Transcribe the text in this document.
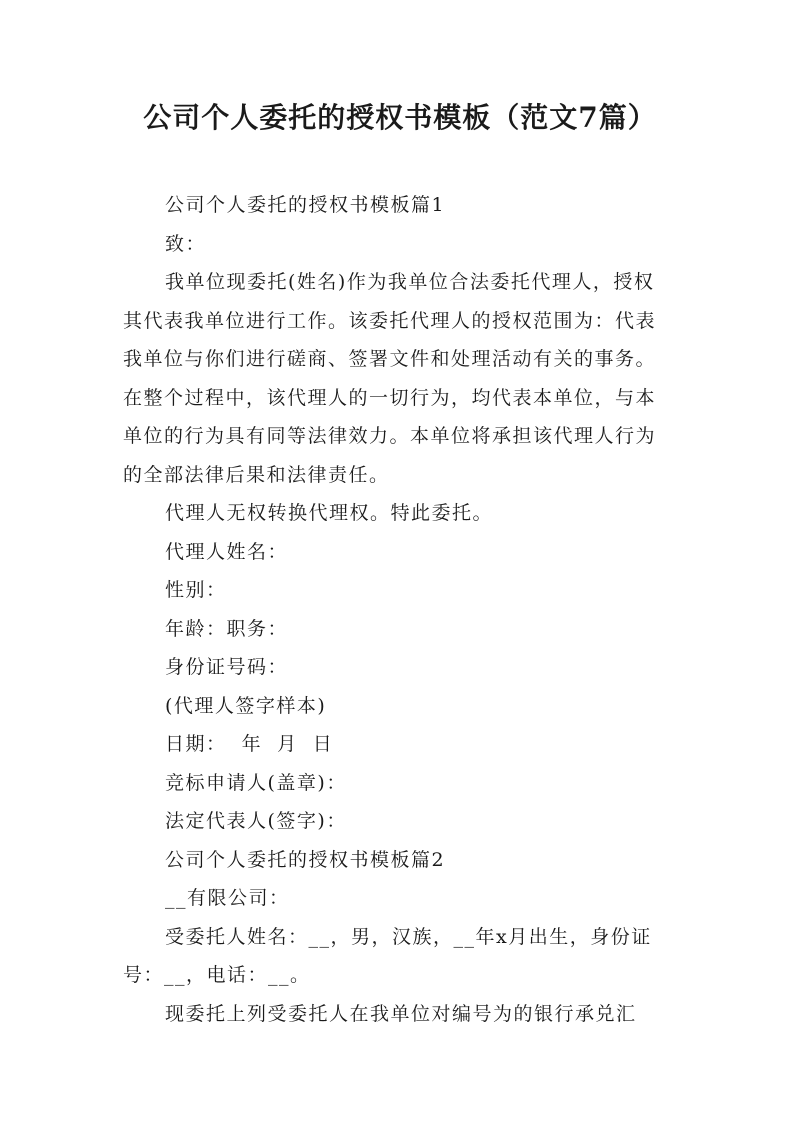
公司个人委托的授权书模板（范文7篇）
公司个人委托的授权书模板篇1
致：
我单位现委托(姓名)作为我单位合法委托代理人，授权
其代表我单位进行工作。该委托代理人的授权范围为：代表
我单位与你们进行磋商、签署文件和处理活动有关的事务。
在整个过程中，该代理人的一切行为，均代表本单位，与本
单位的行为具有同等法律效力。本单位将承担该代理人行为
的全部法律后果和法律责任。
代理人无权转换代理权。特此委托。
代理人姓名：
性别：
年龄：职务：
身份证号码：
(代理人签字样本)
日期：  年  月  日
竞标申请人(盖章)：
法定代表人(签字)：
公司个人委托的授权书模板篇2
__有限公司：
受委托人姓名：__，男，汉族，__年x月出生，身份证
号：__，电话：__。
现委托上列受委托人在我单位对编号为的银行承兑汇
